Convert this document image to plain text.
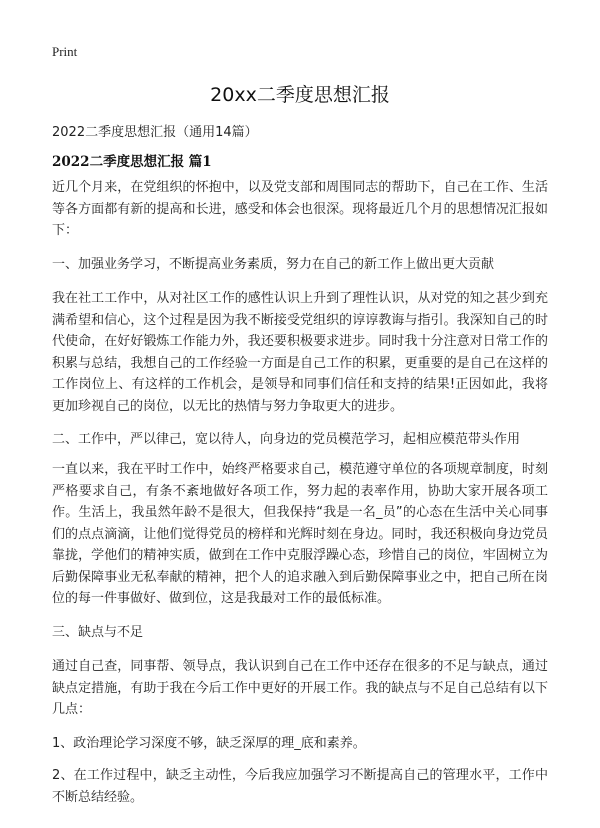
Print
20xx二季度思想汇报
2022二季度思想汇报（通用14篇）
2022二季度思想汇报 篇1

近几个月来，在党组织的怀抱中，以及党支部和周围同志的帮助下，自己在工作、生活等各方面都有新的提高和长进，感受和体会也很深。现将最近几个月的思想情况汇报如下：

一、加强业务学习，不断提高业务素质，努力在自己的新工作上做出更大贡献

我在社工工作中，从对社区工作的感性认识上升到了理性认识，从对党的知之甚少到充满希望和信心，这个过程是因为我不断接受党组织的谆谆教诲与指引。我深知自己的时代使命，在好好锻炼工作能力外，我还要积极要求进步。同时我十分注意对日常工作的积累与总结，我想自己的工作经验一方面是自己工作的积累，更重要的是自己在这样的工作岗位上、有这样的工作机会，是领导和同事们信任和支持的结果!正因如此，我将更加珍视自己的岗位，以无比的热情与努力争取更大的进步。

二、工作中，严以律己，宽以待人，向身边的党员模范学习，起相应模范带头作用

一直以来，我在平时工作中，始终严格要求自己，模范遵守单位的各项规章制度，时刻严格要求自己，有条不紊地做好各项工作，努力起的表率作用，协助大家开展各项工作。生活上，我虽然年龄不是很大，但我保持“我是一名_员”的心态在生活中关心同事们的点点滴滴，让他们觉得党员的榜样和光辉时刻在身边。同时，我还积极向身边党员靠拢，学他们的精神实质，做到在工作中克服浮躁心态，珍惜自己的岗位，牢固树立为后勤保障事业无私奉献的精神，把个人的追求融入到后勤保障事业之中，把自己所在岗位的每一件事做好、做到位，这是我最对工作的最低标准。

三、缺点与不足

通过自己查，同事帮、领导点，我认识到自己在工作中还存在很多的不足与缺点，通过缺点定措施，有助于我在今后工作中更好的开展工作。我的缺点与不足自己总结有以下几点：

1、政治理论学习深度不够，缺乏深厚的理_底和素养。

2、在工作过程中，缺乏主动性，今后我应加强学习不断提高自己的管理水平，工作中不断总结经验。
